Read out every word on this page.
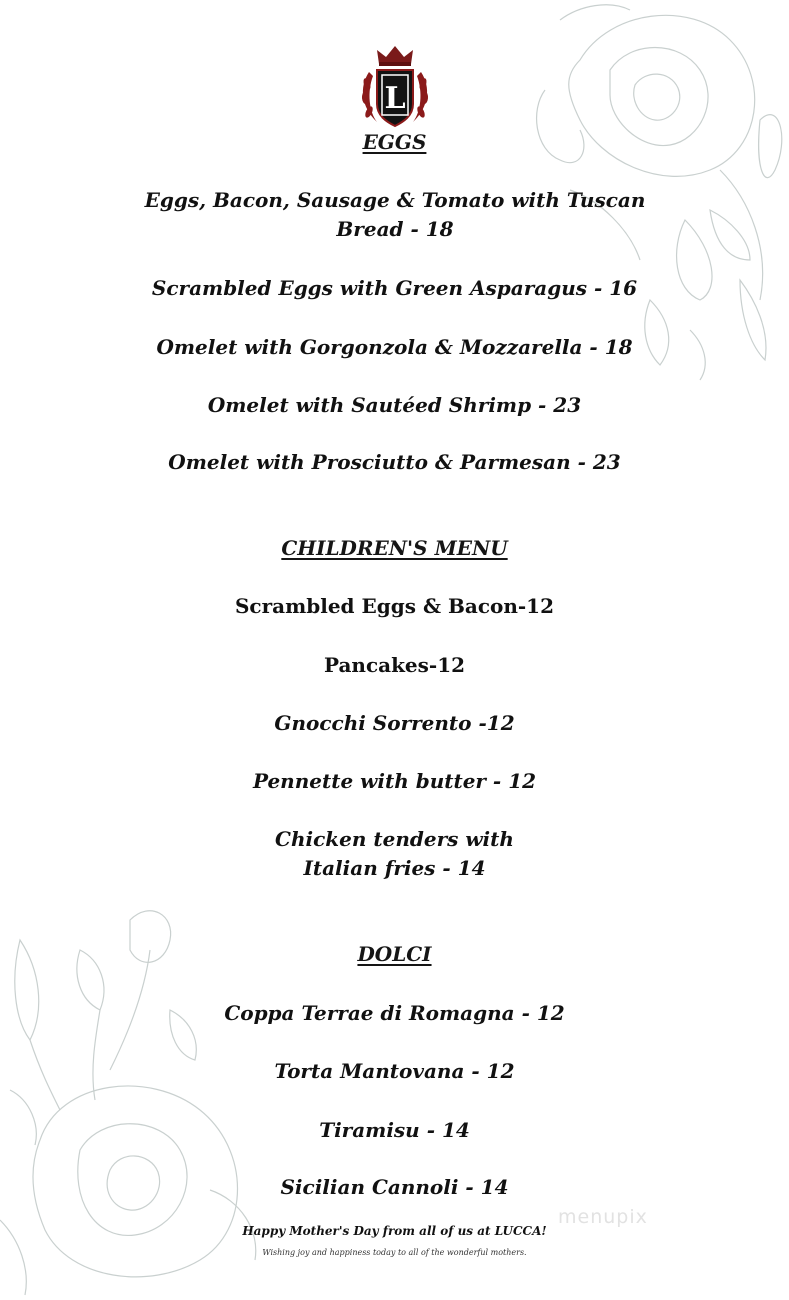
L
EGGS
Eggs, Bacon, Sausage & Tomato with Tuscan
Bread - 18
Scrambled Eggs with Green Asparagus - 16
Omelet with Gorgonzola & Mozzarella - 18
Omelet with Sautéed Shrimp - 23
Omelet with Prosciutto & Parmesan - 23
CHILDREN'S MENU
Scrambled Eggs & Bacon-12
Pancakes-12
Gnocchi Sorrento -12
Pennette with butter - 12
Chicken tenders with
Italian fries - 14
DOLCI
Coppa Terrae di Romagna - 12
Torta Mantovana - 12
Tiramisu - 14
Sicilian Cannoli - 14
Happy Mother's Day from all of us at LUCCA!
Wishing joy and happiness today to all of the wonderful mothers.
menupix
